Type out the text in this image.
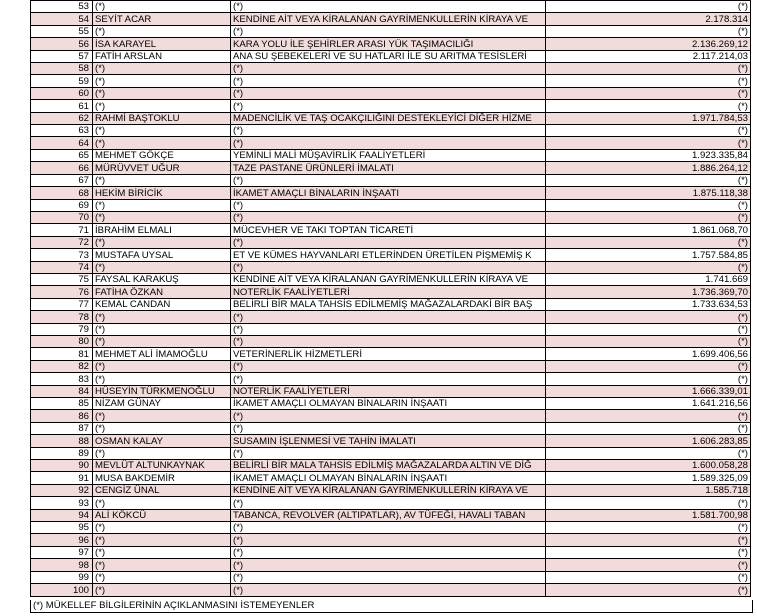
53	(*)	(*)	(*)
54	SEYİT ACAR	KENDİNE AİT VEYA KİRALANAN GAYRİMENKULLERİN KİRAYA VE	2.178.314
55	(*)	(*)	(*)
56	İSA KARAYEL	KARA YOLU İLE ŞEHİRLER ARASI YÜK TAŞIMACILIĞI	2.136.269,12
57	FATİH ARSLAN	ANA SU ŞEBEKELERİ VE SU HATLARI İLE SU ARITMA TESİSLERİ	2.117.214,03
58	(*)	(*)	(*)
59	(*)	(*)	(*)
60	(*)	(*)	(*)
61	(*)	(*)	(*)
62	RAHMİ BAŞTOKLU	MADENCİLİK VE TAŞ OCAKÇILIĞINI DESTEKLEYİCİ DİĞER HİZME	1.971.784,53
63	(*)	(*)	(*)
64	(*)	(*)	(*)
65	MEHMET GÖKÇE	YEMİNLİ MALİ MÜŞAVİRLİK FAALİYETLERİ	1.923.335,84
66	MÜRÜVVET UĞUR	TAZE PASTANE ÜRÜNLERİ İMALATI	1.886.264,12
67	(*)	(*)	(*)
68	HEKİM BİRİCİK	İKAMET AMAÇLI BİNALARIN İNŞAATI	1.875.118,38
69	(*)	(*)	(*)
70	(*)	(*)	(*)
71	İBRAHİM ELMALI	MÜCEVHER VE TAKI TOPTAN TİCARETİ	1.861.068,70
72	(*)	(*)	(*)
73	MUSTAFA UYSAL	ET VE KÜMES HAYVANLARI ETLERİNDEN ÜRETİLEN PİŞMEMİŞ K	1.757.584,85
74	(*)	(*)	(*)
75	FAYSAL KARAKUŞ	KENDİNE AİT VEYA KİRALANAN GAYRİMENKULLERİN KİRAYA VE	1.741.669
76	FATİHA ÖZKAN	NOTERLİK FAALİYETLERİ	1.736.369,70
77	KEMAL CANDAN	BELİRLİ BİR MALA TAHSİS EDİLMEMİŞ MAĞAZALARDAKİ BİR BAŞ	1.733.634,53
78	(*)	(*)	(*)
79	(*)	(*)	(*)
80	(*)	(*)	(*)
81	MEHMET ALİ İMAMOĞLU	VETERİNERLİK HİZMETLERİ	1.699.406,56
82	(*)	(*)	(*)
83	(*)	(*)	(*)
84	HÜSEYİN TÜRKMENOĞLU	NOTERLİK FAALİYETLERİ	1.666.339,01
85	NİZAM GÜNAY	İKAMET AMAÇLI OLMAYAN BİNALARIN İNŞAATI	1.641.216,56
86	(*)	(*)	(*)
87	(*)	(*)	(*)
88	OSMAN KALAY	SUSAMIN İŞLENMESİ VE TAHİN İMALATI	1.606.283,85
89	(*)	(*)	(*)
90	MEVLÜT ALTUNKAYNAK	BELİRLİ BİR MALA TAHSİS EDİLMİŞ MAĞAZALARDA ALTIN VE DİĞ	1.600.058,28
91	MUSA BAKDEMİR	İKAMET AMAÇLI OLMAYAN BİNALARIN İNŞAATI	1.589.325,09
92	CENGİZ ÜNAL	KENDİNE AİT VEYA KİRALANAN GAYRİMENKULLERİN KİRAYA VE	1.585.718
93	(*)	(*)	(*)
94	ALİ KÖKCÜ	TABANCA, REVOLVER (ALTIPATLAR), AV TÜFEĞİ, HAVALI TABAN	1.581.700,98
95	(*)	(*)	(*)
96	(*)	(*)	(*)
97	(*)	(*)	(*)
98	(*)	(*)	(*)
99	(*)	(*)	(*)
100	(*)	(*)	(*)
(*) MÜKELLEF BİLGİLERİNİN AÇIKLANMASINI İSTEMEYENLER
